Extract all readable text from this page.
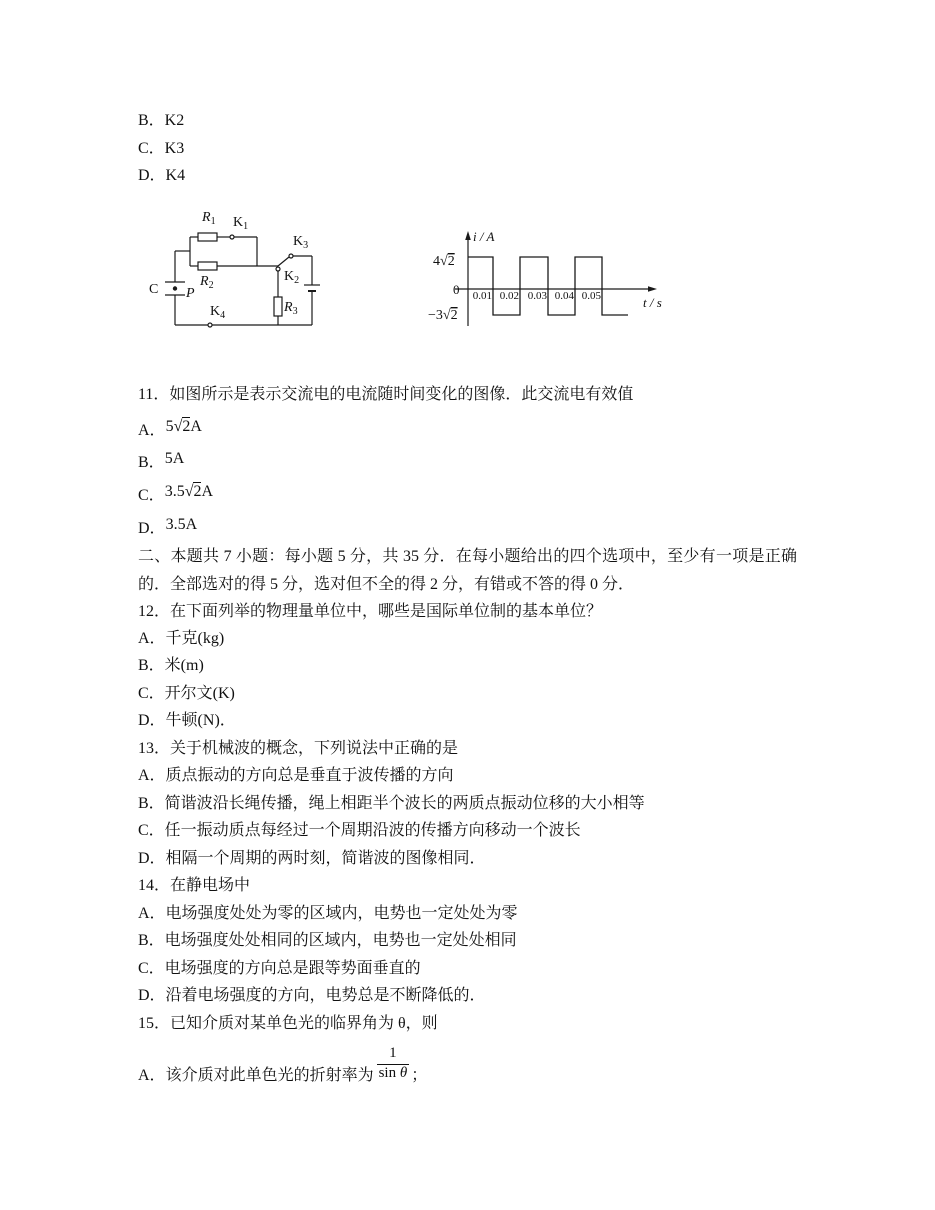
B．K2
C．K3
D．K4
$R_1$ $K_1$
$R_2$
P
C
$K_3$
$K_2$
$R_3$
$K_4$
i / A
t / s
0
4√2
−3√2
0.01 0.02 0.03 0.04 0.05
11．如图所示是表示交流电的电流随时间变化的图像．此交流电有效值
A．5√2A
B．5A
C．3.5√2A
D．3.5A
二、本题共 7 小题：每小题 5 分，共 35 分．在每小题给出的四个选项中，至少有一项是正确
的．全部选对的得 5 分，选对但不全的得 2 分，有错或不答的得 0 分．
12．在下面列举的物理量单位中，哪些是国际单位制的基本单位？
A．千克(kg)
B．米(m)
C．开尔文(K)
D．牛顿(N)．
13．关于机械波的概念，下列说法中正确的是
A．质点振动的方向总是垂直于波传播的方向
B．简谐波沿长绳传播，绳上相距半个波长的两质点振动位移的大小相等
C．任一振动质点每经过一个周期沿波的传播方向移动一个波长
D．相隔一个周期的两时刻，简谐波的图像相同．
14．在静电场中
A．电场强度处处为零的区域内，电势也一定处处为零
B．电场强度处处相同的区域内，电势也一定处处相同
C．电场强度的方向总是跟等势面垂直的
D．沿着电场强度的方向，电势总是不断降低的．
15．已知介质对某单色光的临界角为 θ，则
A．该介质对此单色光的折射率为 $\frac{1}{\text{sin θ}}$ ；
